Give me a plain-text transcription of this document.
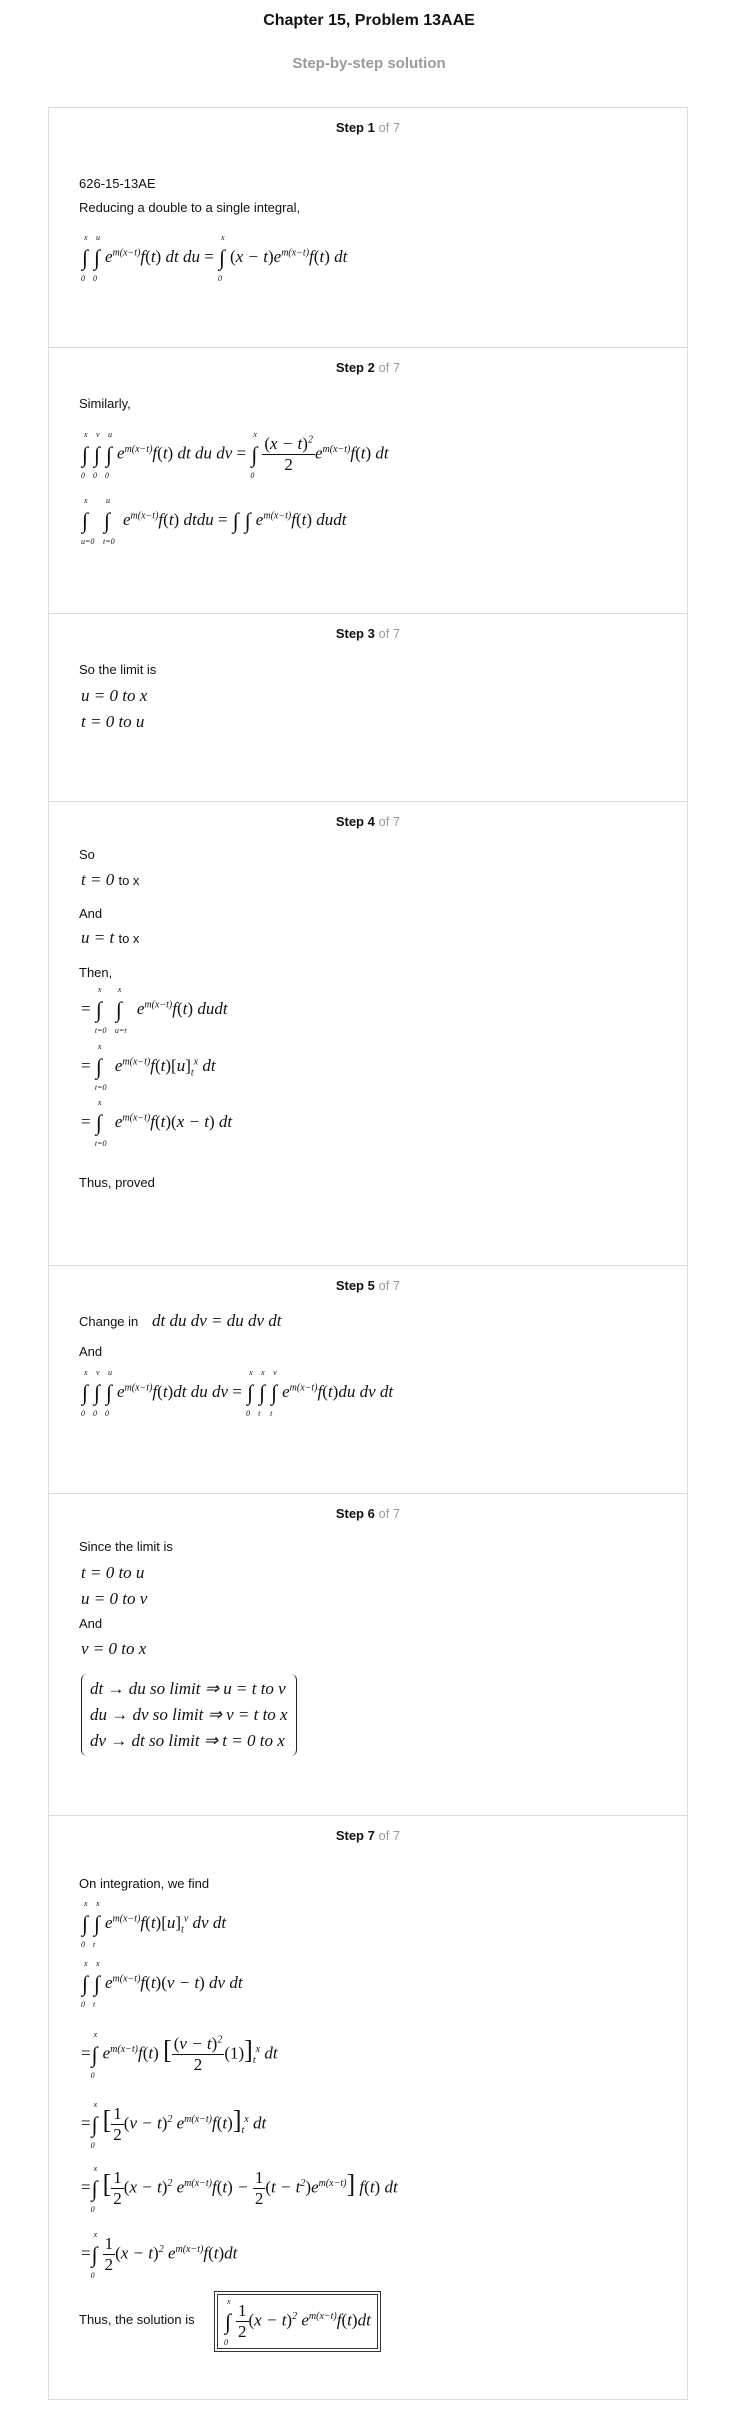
Chapter 15, Problem 13AAE
Step-by-step solution
Step 1 of 7
626-15-13AE
Reducing a double to a single integral,
∫
x
0
∫
u
0
$e^{m(x-t)}f(t)$ dt du = ∫
x
0
$(x - t)e^{m(x-t)}f(t)$ dt
Step 2 of 7
Similarly,
∫
x
0
∫
v
0
∫
u
0
$e^{m(x-t)}f(t)$ dt du dv = ∫
x
$0 \frac{(x - t)^2}{2} e^{m(x-t)}f(t)$ dt
∫
x
u=0
∫
u
t=0
$e^{m(x-t)}f(t)$ dtdu = ∫ ∫ $e^{m(x-t)}f(t)$ dudt
Step 3 of 7
So the limit is
u = 0 to x
t = 0 to u
Step 4 of 7
So
t = 0 to x
And
u = t to x
Then,
= ∫
x
t=0
∫
x
u=t
$e^{m(x-t)}f(t)$ dudt
= ∫
x
t=0
$e^{m(x-t)}f(t)[u]_t^x$ dt
= ∫
x
t=0
$e^{m(x-t)}f(t)(x - t)$ dt
Thus, proved
Step 5 of 7
Change in dt du dv = du dv dt
And
∫
x
0
∫
v
0
∫
u
0
$e^{m(x-t)}f(t)dt$ du dv = ∫
x
0
∫
x
t
∫
v
t
$e^{m(x-t)}f(t)du$ dv dt
Step 6 of 7
Since the limit is
t = 0 to u
u = 0 to v
And
v = 0 to x
dt → du so limit ⇒ u = t to v
du → dv so limit ⇒ v = t to x
dv → dt so limit ⇒ t = 0 to x
Step 7 of 7
On integration, we find
∫
x
0
∫
x
t
$e^{m(x-t)}f(t)[u]_t^v$ dv dt
∫
x
0
∫
x
t
$e^{m(x-t)}f(t)(v - t)$ dv dt
= ∫
x
0
$e^{m(x-t)}f(t)$ [ $\frac{(v - t)^2}{2} (1)]_t^x$ dt
= ∫
x
0
[ $\frac{1}{2} (v - t)^2$ $e^{m(x-t)}f(t)]_t^x$ dt
= ∫
x
0
[ $\frac{1}{2} (x - t)^2$ $e^{m(x-t)}f(t) - \frac{1}{2} (t - t^2)e^{m(x-t)}$] f(t) dt
= ∫
x
$0 \frac{1}{2} (x - t)^2$ $e^{m(x-t)}f(t)dt$
Thus, the solution is ∫
x
$0 \frac{1}{2} (x - t)^2$ $e^{m(x-t)}f(t)dt$
